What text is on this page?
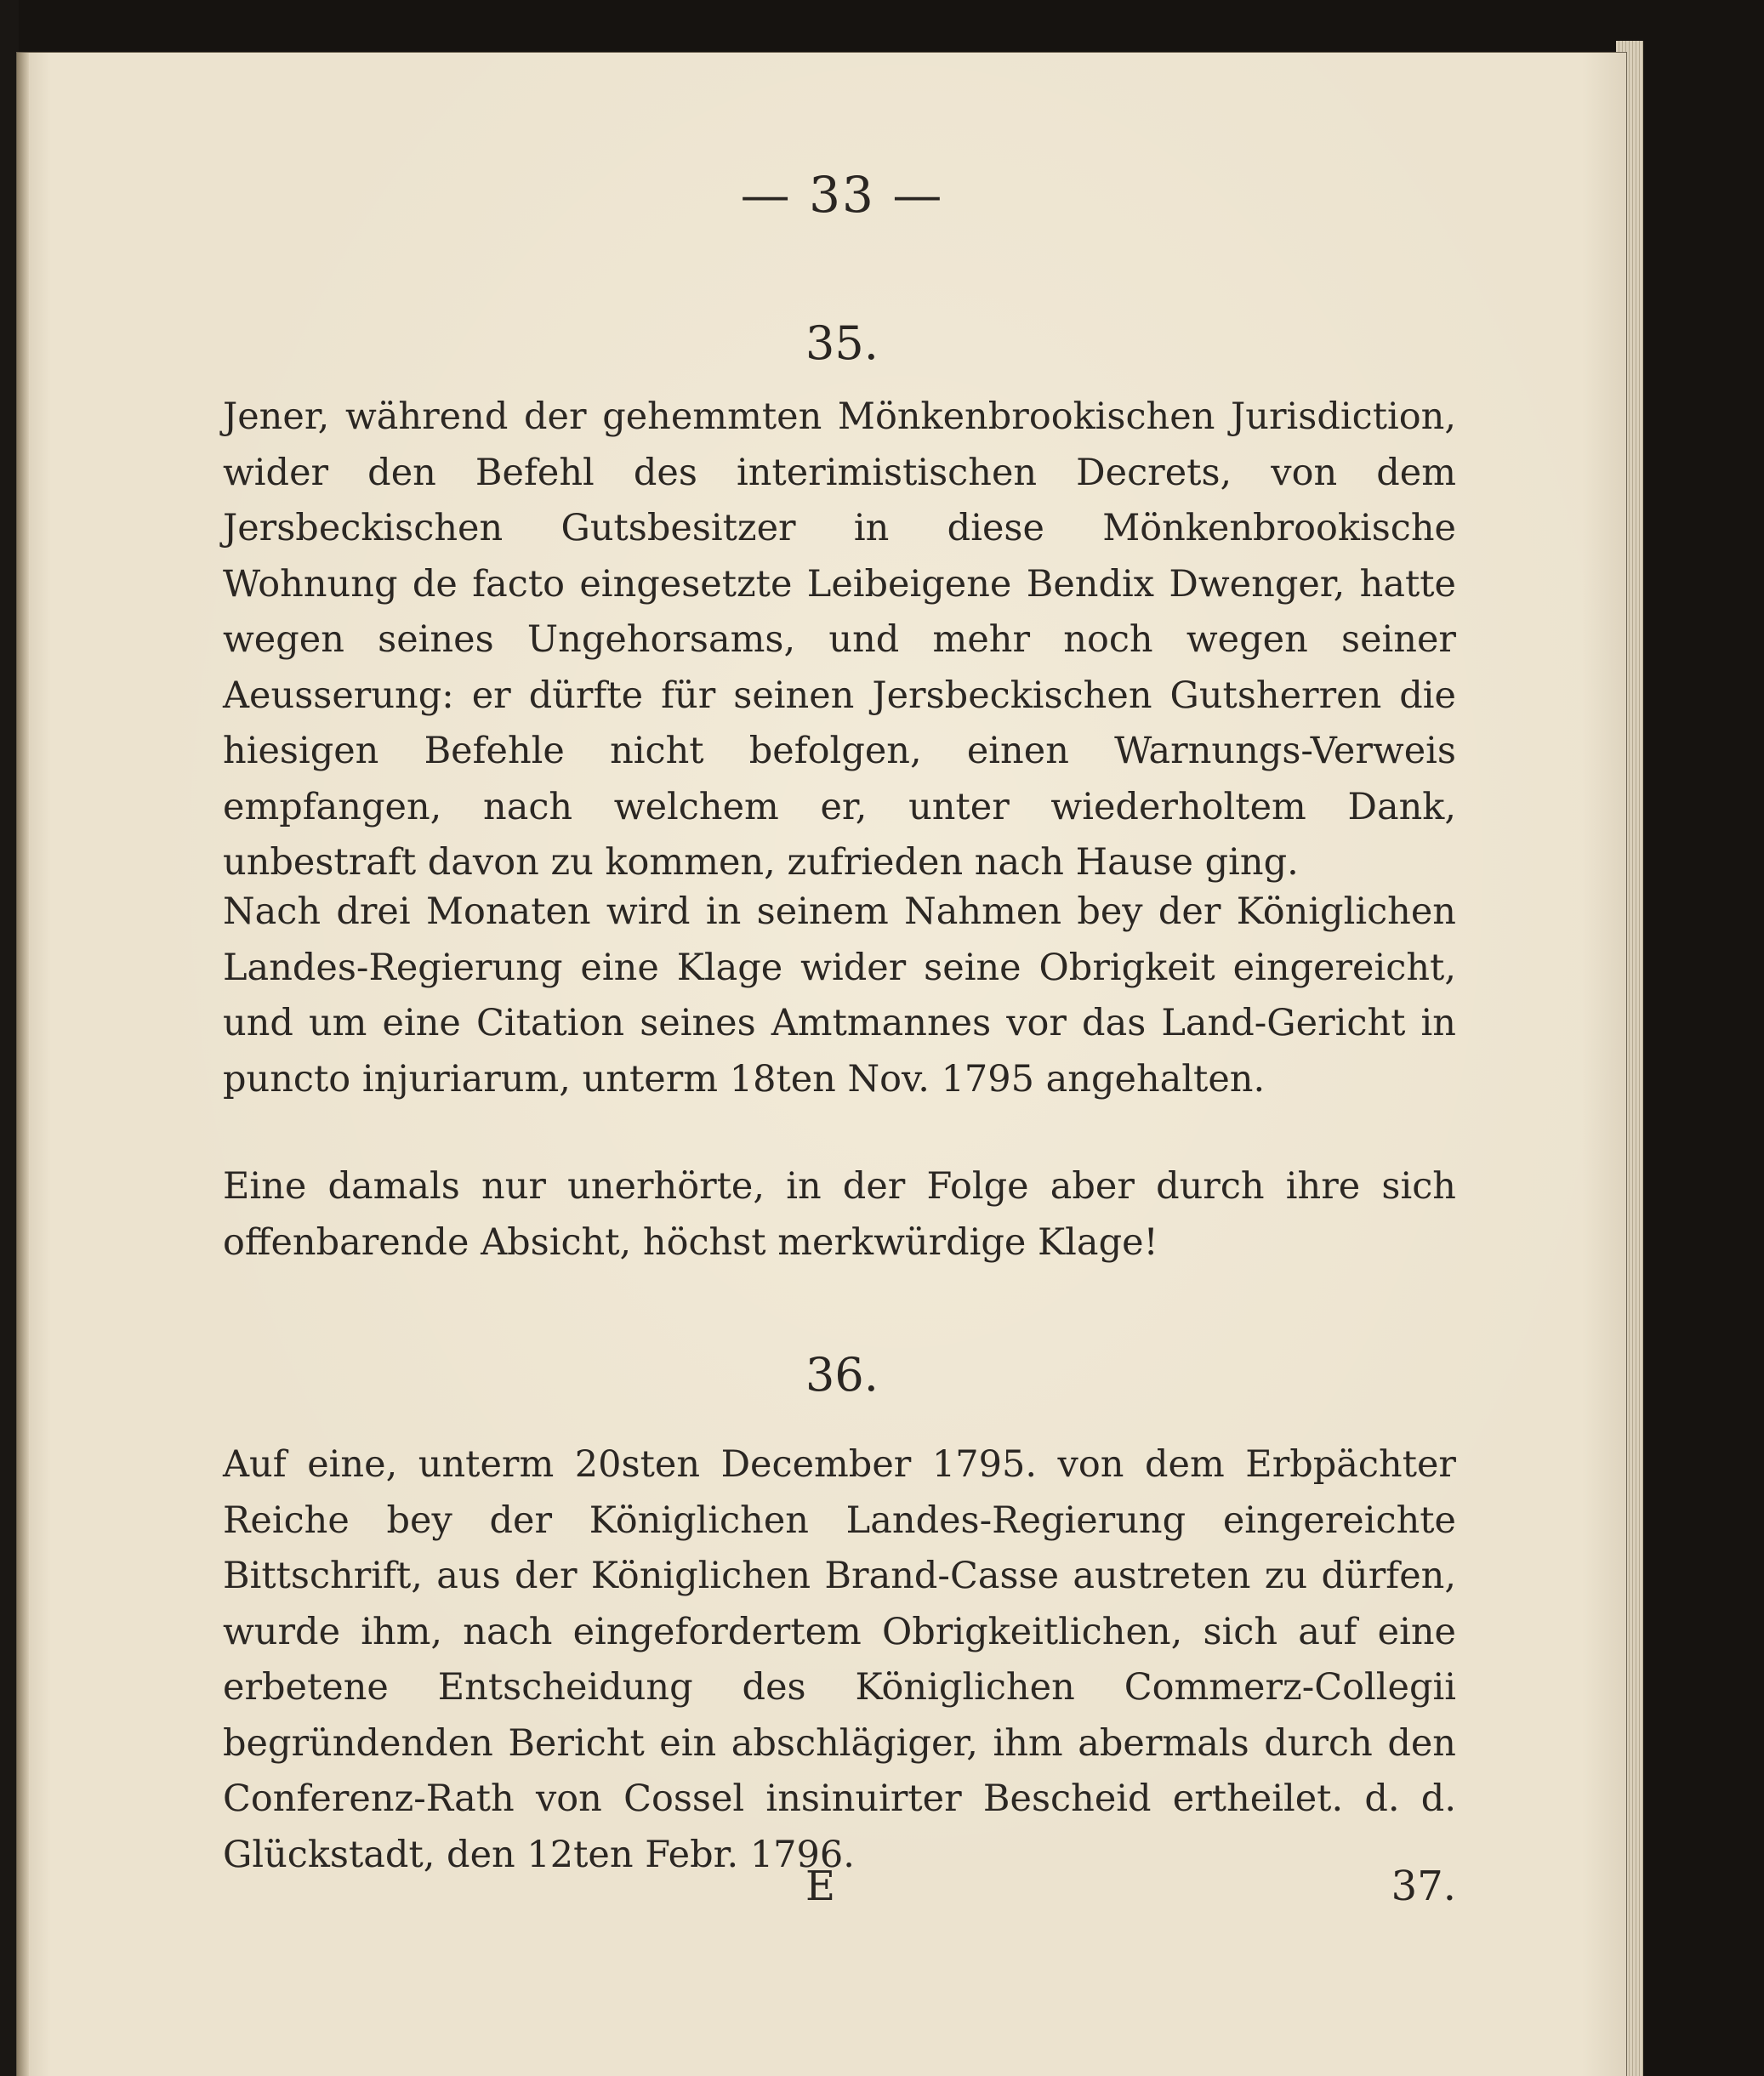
— 33 —
35.

Jener, während der gehemmten Mönkenbrookischen Jurisdiction, wider den Befehl des interimistischen Decrets, von dem Jersbeckischen Gutsbesitzer in diese Mönkenbrookische Wohnung de facto eingesetzte Leibeigene Bendix Dwenger, hatte wegen seines Ungehorsams, und mehr noch wegen seiner Aeusserung: er dürfte für seinen Jersbeckischen Gutsherren die hiesigen Befehle nicht befolgen, einen Warnungs-Verweis empfangen, nach welchem er, unter wiederholtem Dank, unbestraft davon zu kommen, zufrieden nach Hause ging.

Nach drei Monaten wird in seinem Nahmen bey der Königlichen Landes-Regierung eine Klage wider seine Obrigkeit eingereicht, und um eine Citation seines Amtmannes vor das Land-Gericht in puncto injuriarum, unterm 18ten Nov. 1795 angehalten.

Eine damals nur unerhörte, in der Folge aber durch ihre sich offenbarende Absicht, höchst merkwürdige Klage!

36.

Auf eine, unterm 20sten December 1795. von dem Erbpächter Reiche bey der Königlichen Landes-Regierung eingereichte Bittschrift, aus der Königlichen Brand-Casse austreten zu dürfen, wurde ihm, nach eingefordertem Obrigkeitlichen, sich auf eine erbetene Entscheidung des Königlichen Commerz-Collegii begründenden Bericht ein abschlägiger, ihm abermals durch den Conferenz-Rath von Cossel insinuirter Bescheid ertheilet. d. d. Glückstadt, den 12ten Febr. 1796.

E	37.
